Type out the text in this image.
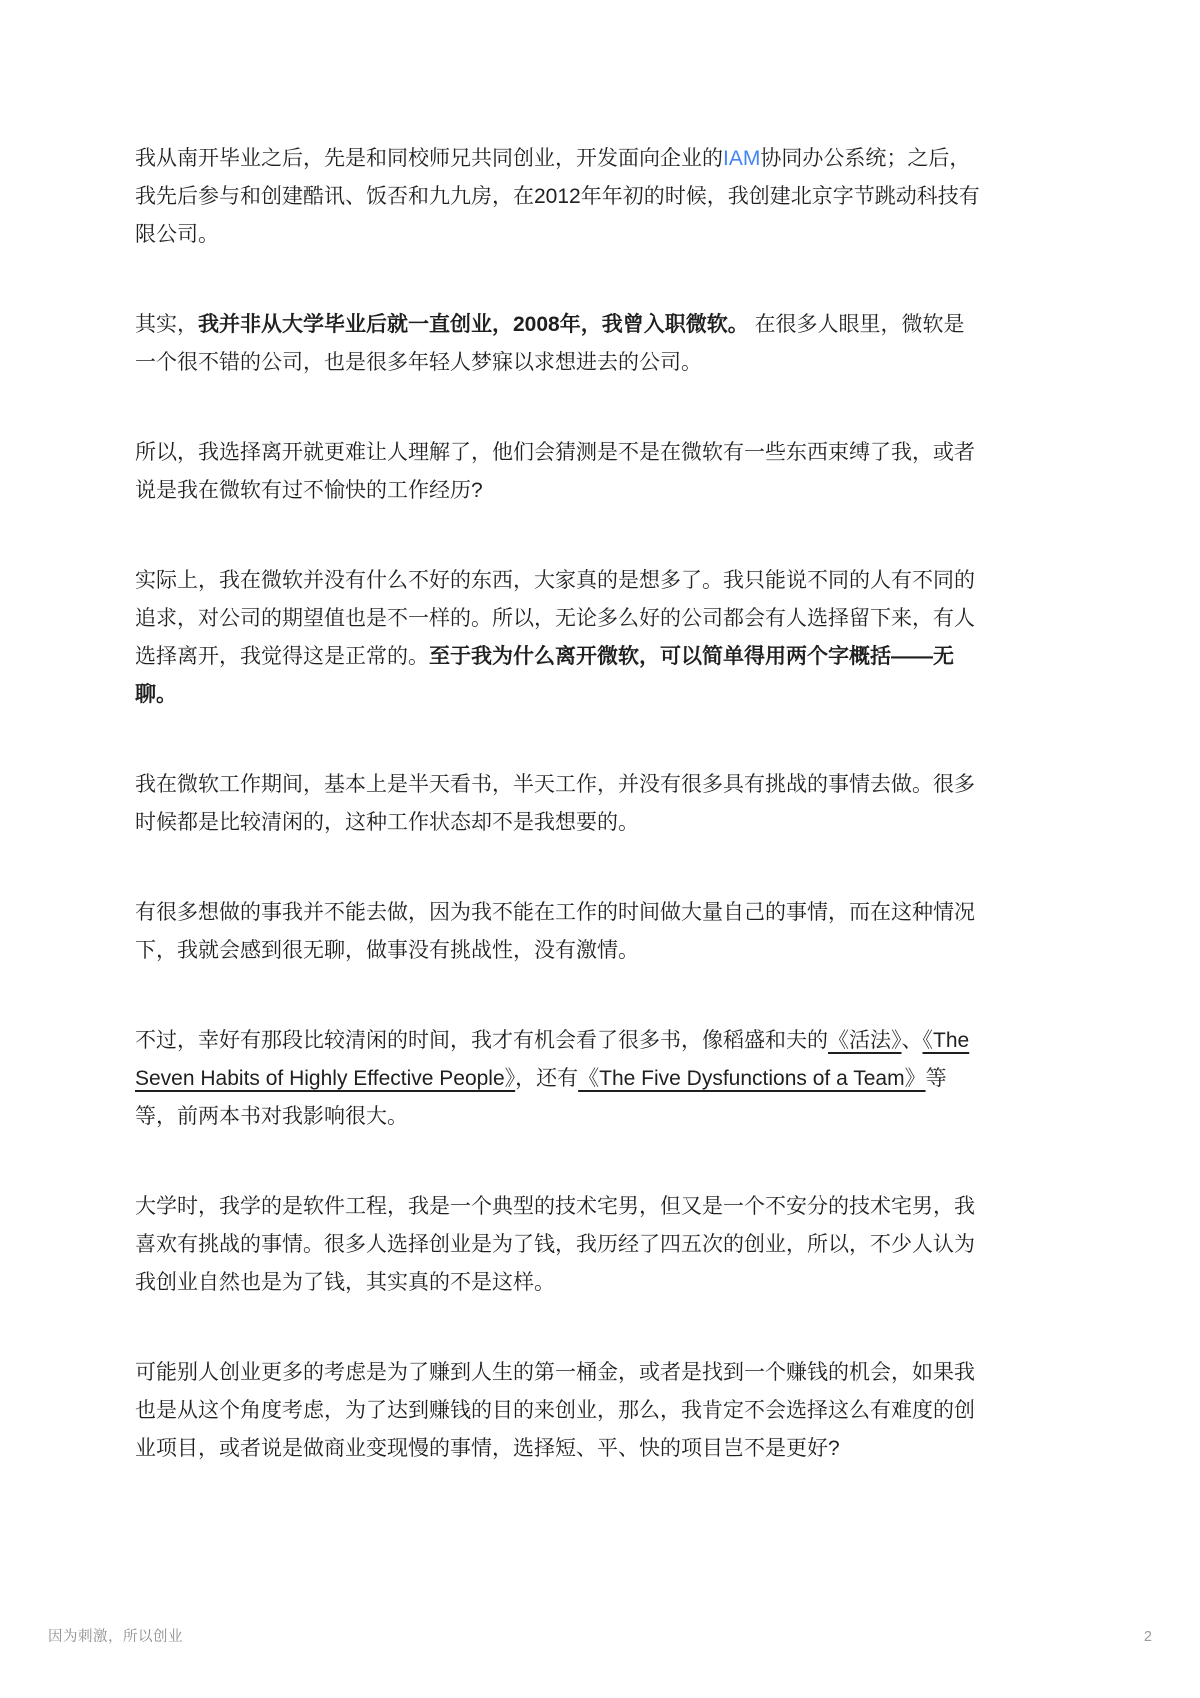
我从南开毕业之后，先是和同校师兄共同创业，开发面向企业的IAM协同办公系统；之后，我先后参与和创建酷讯、饭否和九九房，在2012年年初的时候，我创建北京字节跳动科技有限公司。

其实，我并非从大学毕业后就一直创业，2008年，我曾入职微软。 在很多人眼里，微软是一个很不错的公司，也是很多年轻人梦寐以求想进去的公司。

所以，我选择离开就更难让人理解了，他们会猜测是不是在微软有一些东西束缚了我，或者说是我在微软有过不愉快的工作经历?

实际上，我在微软并没有什么不好的东西，大家真的是想多了。我只能说不同的人有不同的追求，对公司的期望值也是不一样的。所以，无论多么好的公司都会有人选择留下来，有人选择离开，我觉得这是正常的。至于我为什么离开微软，可以简单得用两个字概括——无聊。

我在微软工作期间，基本上是半天看书，半天工作，并没有很多具有挑战的事情去做。很多时候都是比较清闲的，这种工作状态却不是我想要的。

有很多想做的事我并不能去做，因为我不能在工作的时间做大量自己的事情，而在这种情况下，我就会感到很无聊，做事没有挑战性，没有激情。

不过，幸好有那段比较清闲的时间，我才有机会看了很多书，像稻盛和夫的《活法》、《The Seven Habits of Highly Effective People》，还有《The Five Dysfunctions of a Team》等等，前两本书对我影响很大。

大学时，我学的是软件工程，我是一个典型的技术宅男，但又是一个不安分的技术宅男，我喜欢有挑战的事情。很多人选择创业是为了钱，我历经了四五次的创业，所以，不少人认为我创业自然也是为了钱，其实真的不是这样。

可能别人创业更多的考虑是为了赚到人生的第一桶金，或者是找到一个赚钱的机会，如果我也是从这个角度考虑，为了达到赚钱的目的来创业，那么，我肯定不会选择这么有难度的创业项目，或者说是做商业变现慢的事情，选择短、平、快的项目岂不是更好?

因为刺激，所以创业	2
